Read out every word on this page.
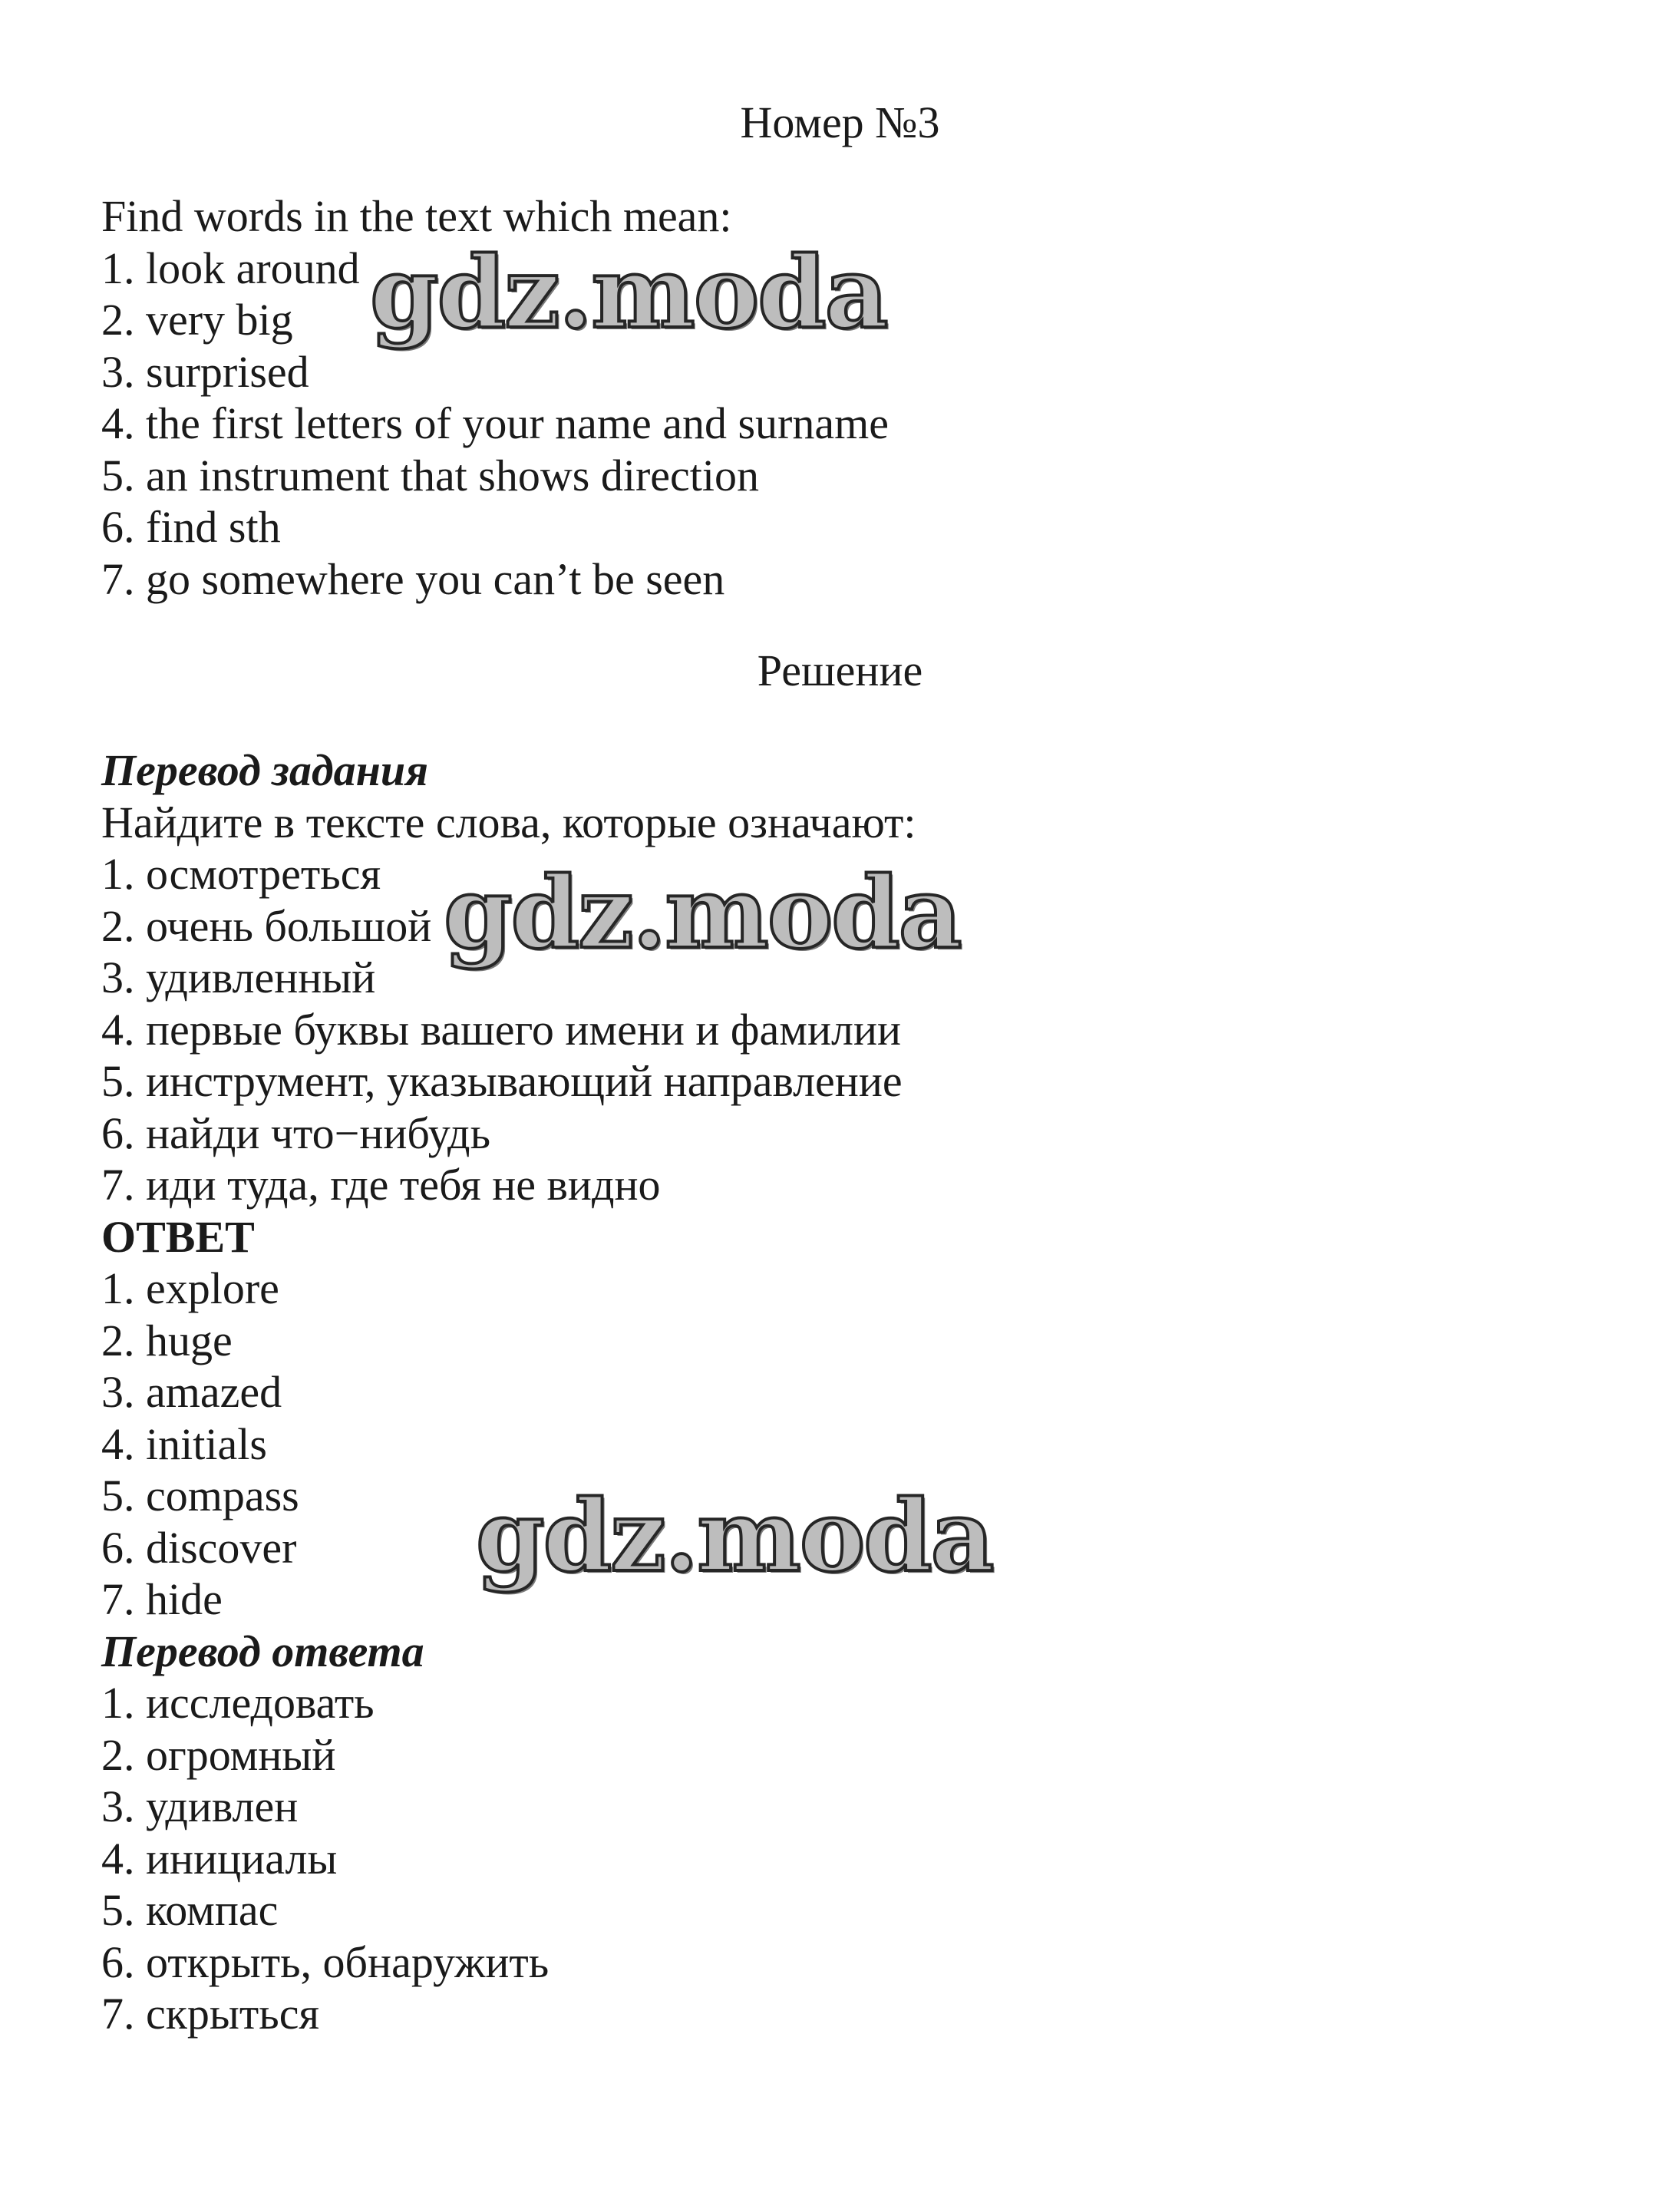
Номер №3
Find words in the text which mean:
1. look around
2. very big
3. surprised
4. the first letters of your name and surname
5. an instrument that shows direction
6. find sth
7. go somewhere you can’t be seen
Решение
Перевод задания
Найдите в тексте слова, которые означают:
1. осмотреться
2. очень большой
3. удивленный
4. первые буквы вашего имени и фамилии
5. инструмент, указывающий направление
6. найди что−нибудь
7. иди туда, где тебя не видно
ОТВЕТ
1. explore
2. huge
3. amazed
4. initials
5. compass
6. discover
7. hide
Перевод ответа
1. исследовать
2. огромный
3. удивлен
4. инициалы
5. компас
6. открыть, обнаружить
7. скрыться
gdz.moda
gdz.moda
gdz.moda
